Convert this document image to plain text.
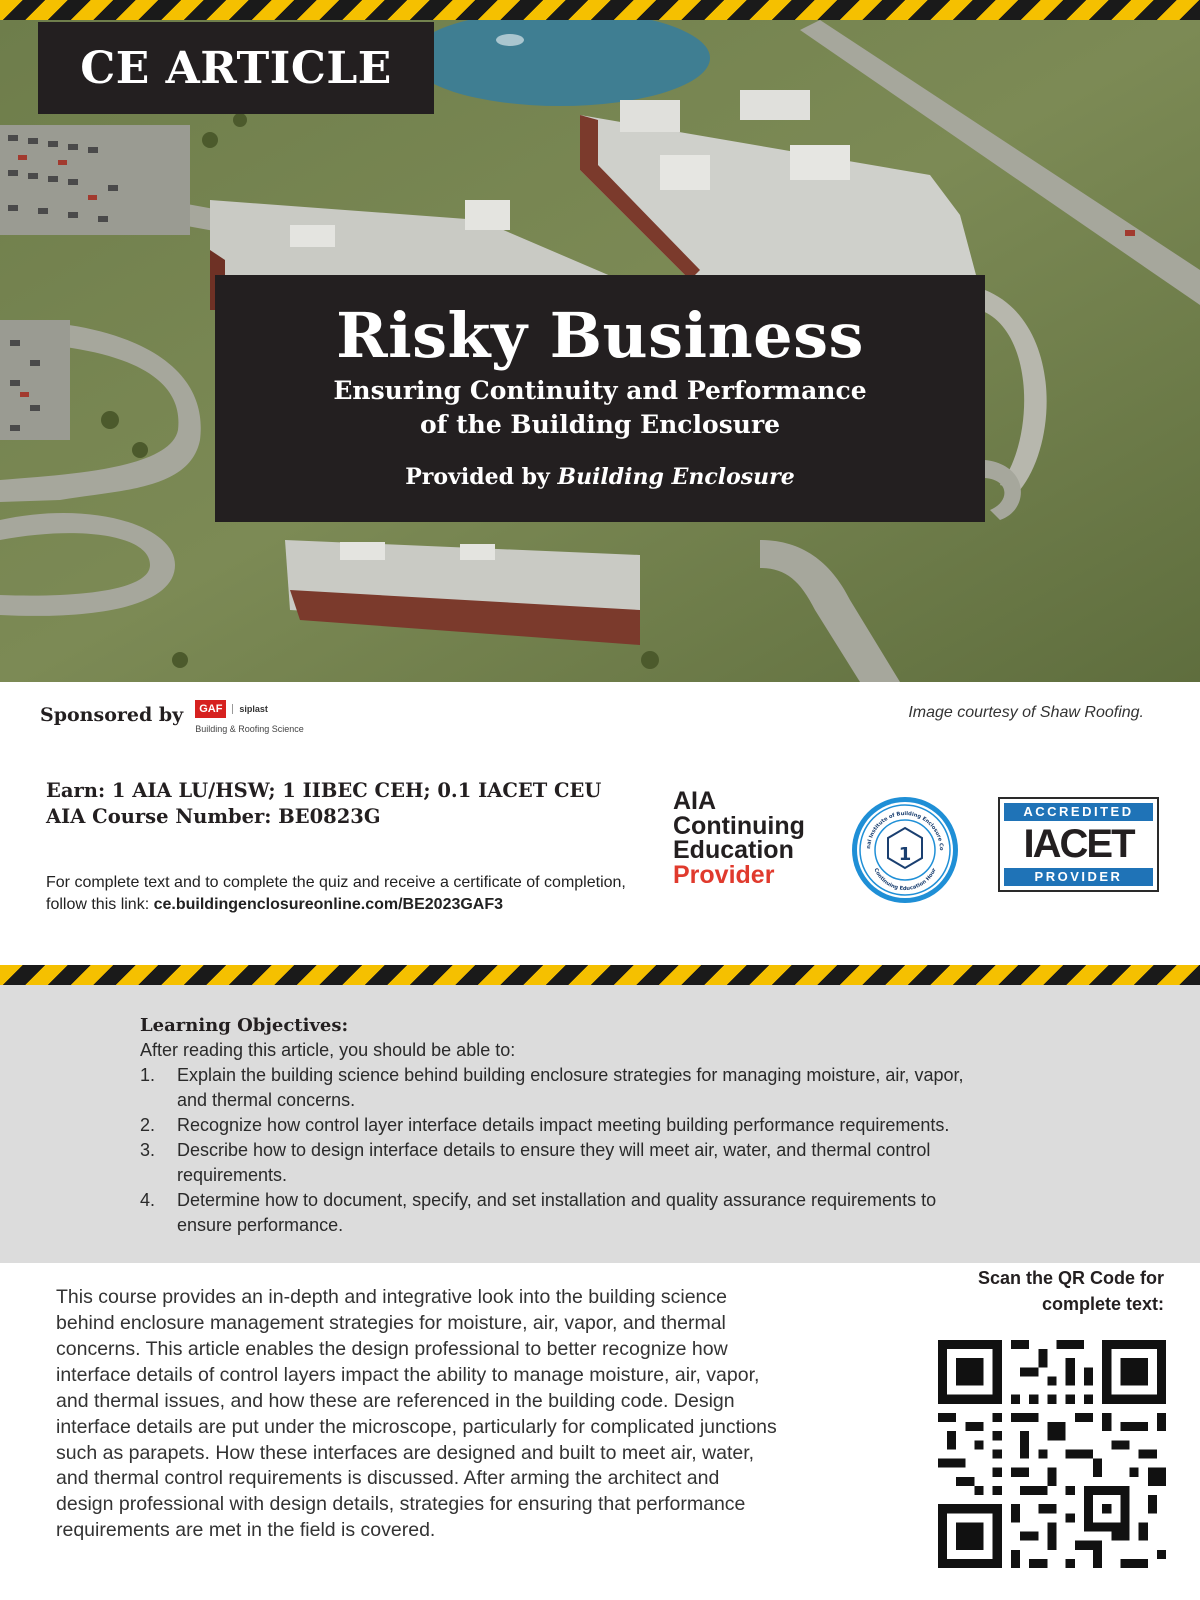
CE ARTICLE
Risky Business
Ensuring Continuity and Performance
of the Building Enclosure
Provided by Building Enclosure
Sponsored by	GAF	siplast
Building & Roofing Science
Image courtesy of Shaw Roofing.
Earn: 1 AIA LU/HSW; 1 IIBEC CEH; 0.1 IACET CEU
AIA Course Number: BE0823G
For complete text and to complete the quiz and receive a certificate of completion, follow this link: ce.buildingenclosureonline.com/BE2023GAF3
AIA
Continuing
Education
Provider
nal Institute of Building Enclosure Co
Continuing Education Hour
1
ACCREDITED
IACET
PROVIDER
Learning Objectives:
After reading this article, you should be able to:
1.	Explain the building science behind building enclosure strategies for managing moisture, air, vapor,
and thermal concerns.
2.	Recognize how control layer interface details impact meeting building performance requirements.
3.	Describe how to design interface details to ensure they will meet air, water, and thermal control
requirements.
4.	Determine how to document, specify, and set installation and quality assurance requirements to
ensure performance.
This course provides an in-depth and integrative look into the building science
behind enclosure management strategies for moisture, air, vapor, and thermal
concerns. This article enables the design professional to better recognize how
interface details of control layers impact the ability to manage moisture, air, vapor,
and thermal issues, and how these are referenced in the building code. Design
interface details are put under the microscope, particularly for complicated junctions
such as parapets. How these interfaces are designed and built to meet air, water,
and thermal control requirements is discussed. After arming the architect and
design professional with design details, strategies for ensuring that performance
requirements are met in the field is covered.
Scan the QR Code for
complete text:
